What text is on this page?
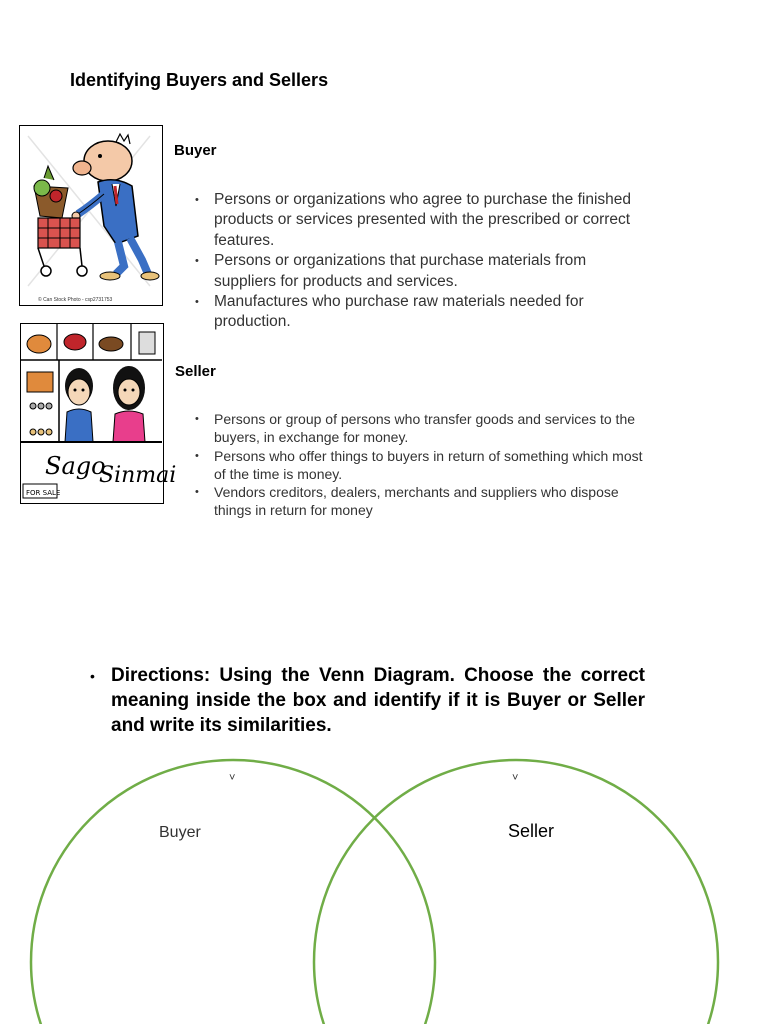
Identifying Buyers and Sellers
© Can Stock Photo - csp2731753
Buyer
• Persons or organizations who agree to purchase the finished products or services presented with the prescribed or correct features.
• Persons or organizations that purchase materials from suppliers for products and services.
• Manufactures who purchase raw materials needed for production.
Sago
Sinmai
FOR SALE
Seller
• Persons or group of persons who transfer goods and services to the buyers, in exchange for money.
• Persons who offer things to buyers in return of something which most of the time is money.
• Vendors creditors, dealers, merchants and suppliers who dispose things in return for money
• Directions: Using the Venn Diagram. Choose the correct meaning inside the box and identify if it is Buyer or Seller and write its similarities.
˅	˅
Buyer	Seller
